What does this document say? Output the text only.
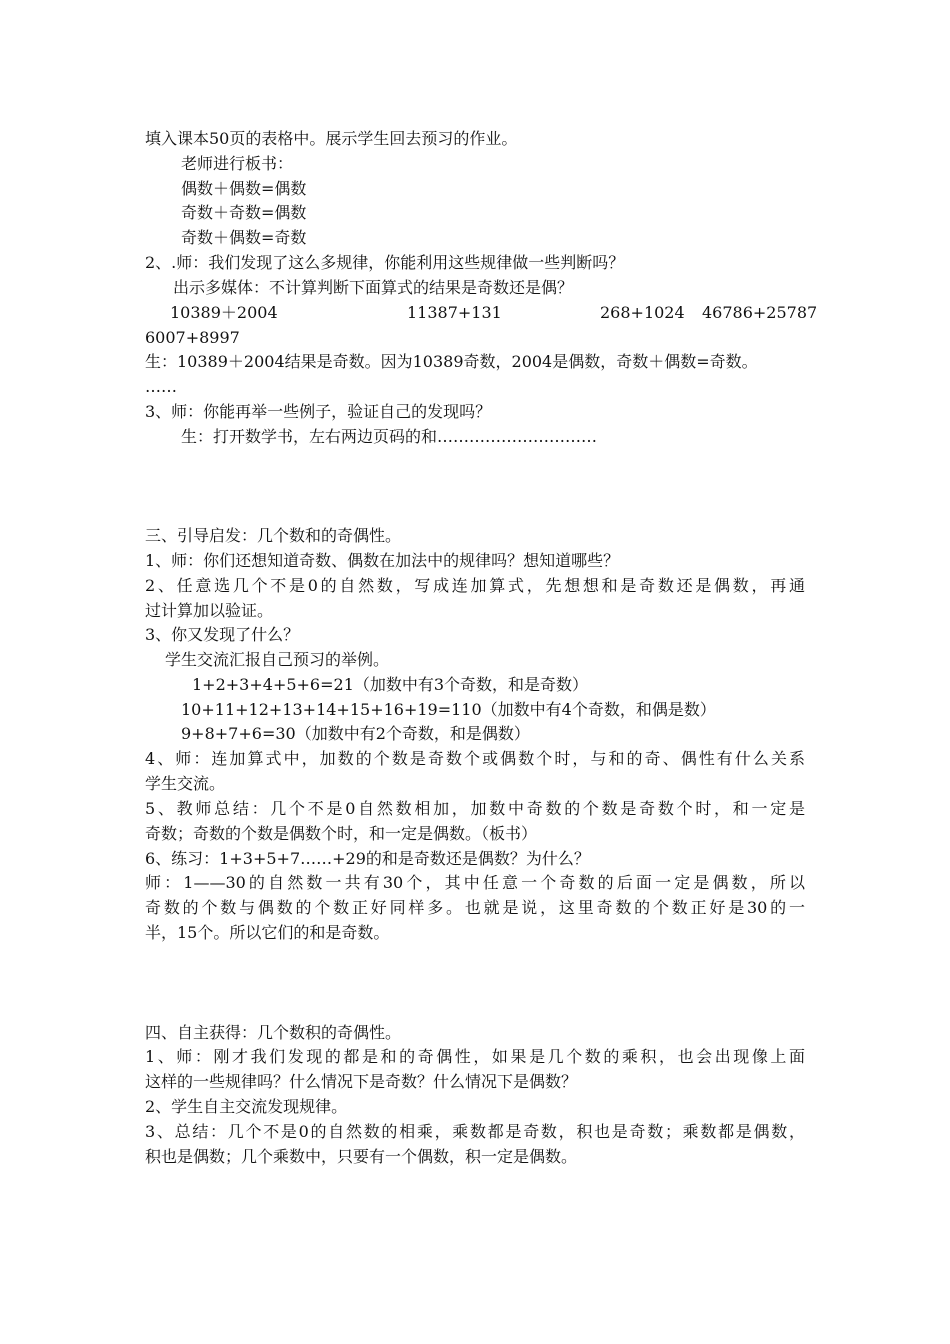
填入课本50页的表格中。展示学生回去预习的作业。
老师进行板书：
偶数＋偶数=偶数
奇数＋奇数=偶数
奇数＋偶数=奇数
2、.师：我们发现了这么多规律，你能利用这些规律做一些判断吗？
出示多媒体：不计算判断下面算式的结果是奇数还是偶？
10389＋2004	11387+131	268+1024 46786+25787
6007+8997
生：10389＋2004结果是奇数。因为10389奇数，2004是偶数，奇数＋偶数=奇数。
……
3、师：你能再举一些例子，验证自己的发现吗？
生：打开数学书，左右两边页码的和…………………………
三、引导启发：几个数和的奇偶性。
1、师：你们还想知道奇数、偶数在加法中的规律吗？想知道哪些？
2、任意选几个不是0的自然数，写成连加算式，先想想和是奇数还是偶数，再通
过计算加以验证。
3、你又发现了什么？
学生交流汇报自己预习的举例。
1+2+3+4+5+6=21（加数中有3个奇数，和是奇数）
10+11+12+13+14+15+16+19=110（加数中有4个奇数，和偶是数）
9+8+7+6=30（加数中有2个奇数，和是偶数）
4、师：连加算式中，加数的个数是奇数个或偶数个时，与和的奇、偶性有什么关系
学生交流。
5、教师总结：几个不是0自然数相加，加数中奇数的个数是奇数个时，和一定是
奇数；奇数的个数是偶数个时，和一定是偶数。（板书）
6、练习：1+3+5+7……+29的和是奇数还是偶数？为什么？
师：1——30的自然数一共有30个，其中任意一个奇数的后面一定是偶数，所以
奇数的个数与偶数的个数正好同样多。也就是说，这里奇数的个数正好是30的一
半，15个。所以它们的和是奇数。
四、自主获得：几个数积的奇偶性。
1、师：刚才我们发现的都是和的奇偶性，如果是几个数的乘积，也会出现像上面
这样的一些规律吗？什么情况下是奇数？什么情况下是偶数？
2、学生自主交流发现规律。
3、总结：几个不是0的自然数的相乘，乘数都是奇数，积也是奇数；乘数都是偶数，
积也是偶数；几个乘数中，只要有一个偶数，积一定是偶数。
